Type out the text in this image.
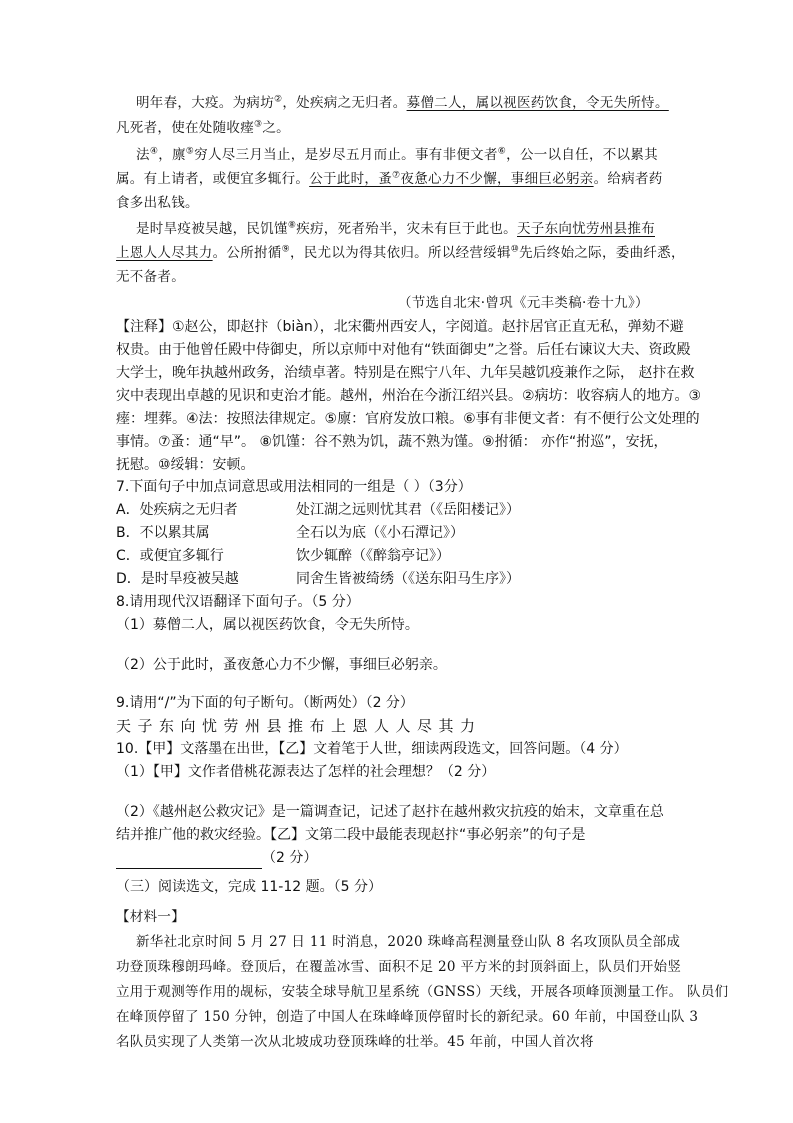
明年春，大疫。为病坊②，处疾病之无归者。募僧二人，属以视医药饮食，令无失所恃。
凡死者，使在处随收瘗③之。
法④，廪⑤穷人尽三月当止，是岁尽五月而止。事有非便文者⑥，公一以自任，不以累其
属。有上请者，或便宜多辄行。公于此时，蚤⑦夜惫心力不少懈，事细巨必躬亲。给病者药
食多出私钱。
是时旱疫被吴越，民饥馑⑧疾疠，死者殆半，灾未有巨于此也。天子东向忧劳州县推布
上恩人人尽其力。公所拊循⑨，民尤以为得其依归。所以经营绥辑⑩先后终始之际，委曲纤悉，
无不备者。
（节选自北宋·曾巩《元丰类稿·卷十九》）
【注释】①赵公，即赵抃（biàn），北宋衢州西安人，字阅道。赵抃居官正直无私，弹劾不避
权贵。由于他曾任殿中侍御史，所以京师中对他有“铁面御史”之誉。后任右谏议大夫、资政殿
大学士，晚年执越州政务，治绩卓著。特别是在熙宁八年、九年吴越饥疫兼作之际， 赵抃在救
灾中表现出卓越的见识和吏治才能。越州，州治在今浙江绍兴县。②病坊：收容病人的地方。③
瘗：埋葬。④法：按照法律规定。⑤廪：官府发放口粮。⑥事有非便文者：有不便行公文处理的
事情。⑦蚤：通“早”。 ⑧饥馑：谷不熟为饥，蔬不熟为馑。⑨拊循： 亦作“拊巡”，安抚，
抚慰。⑩绥辑：安顿。
7.下面句子中加点词意思或用法相同的一组是（ ）（3分）
A．处疾病之无归者	处江湖之远则忧其君（《岳阳楼记》）
B．不以累其属	全石以为底（《小石潭记》）
C．或便宜多辄行	饮少辄醉（《醉翁亭记》）
D．是时旱疫被吴越	同舍生皆被绮绣（《送东阳马生序》）
8.请用现代汉语翻译下面句子。（5 分）
（1）募僧二人，属以视医药饮食，令无失所恃。
（2）公于此时，蚤夜惫心力不少懈，事细巨必躬亲。
9.请用“/”为下面的句子断句。（断两处）（2 分）
天子东向忧劳州县推布上恩人人尽其力
10.【甲】文落墨在出世，【乙】文着笔于人世，细读两段选文，回答问题。（4 分）
（1）【甲】文作者借桃花源表达了怎样的社会理想？（2 分）
（2）《越州赵公救灾记》是一篇调查记，记述了赵抃在越州救灾抗疫的始末，文章重在总
结并推广他的救灾经验。【乙】文第二段中最能表现赵抃“事必躬亲”的句子是
（2 分）
（三）阅读选文，完成 11-12 题。（5 分）
【材料一】
新华社北京时间 5 月 27 日 11 时消息，2020 珠峰高程测量登山队 8 名攻顶队员全部成
功登顶珠穆朗玛峰。登顶后，在覆盖冰雪、面积不足 20 平方米的封顶斜面上，队员们开始竖
立用于观测等作用的觇标，安装全球导航卫星系统（GNSS）天线，开展各项峰顶测量工作。 队员们
在峰顶停留了 150 分钟，创造了中国人在珠峰峰顶停留时长的新纪录。60 年前，中国登山队 3
名队员实现了人类第一次从北坡成功登顶珠峰的壮举。45 年前，中国人首次将
